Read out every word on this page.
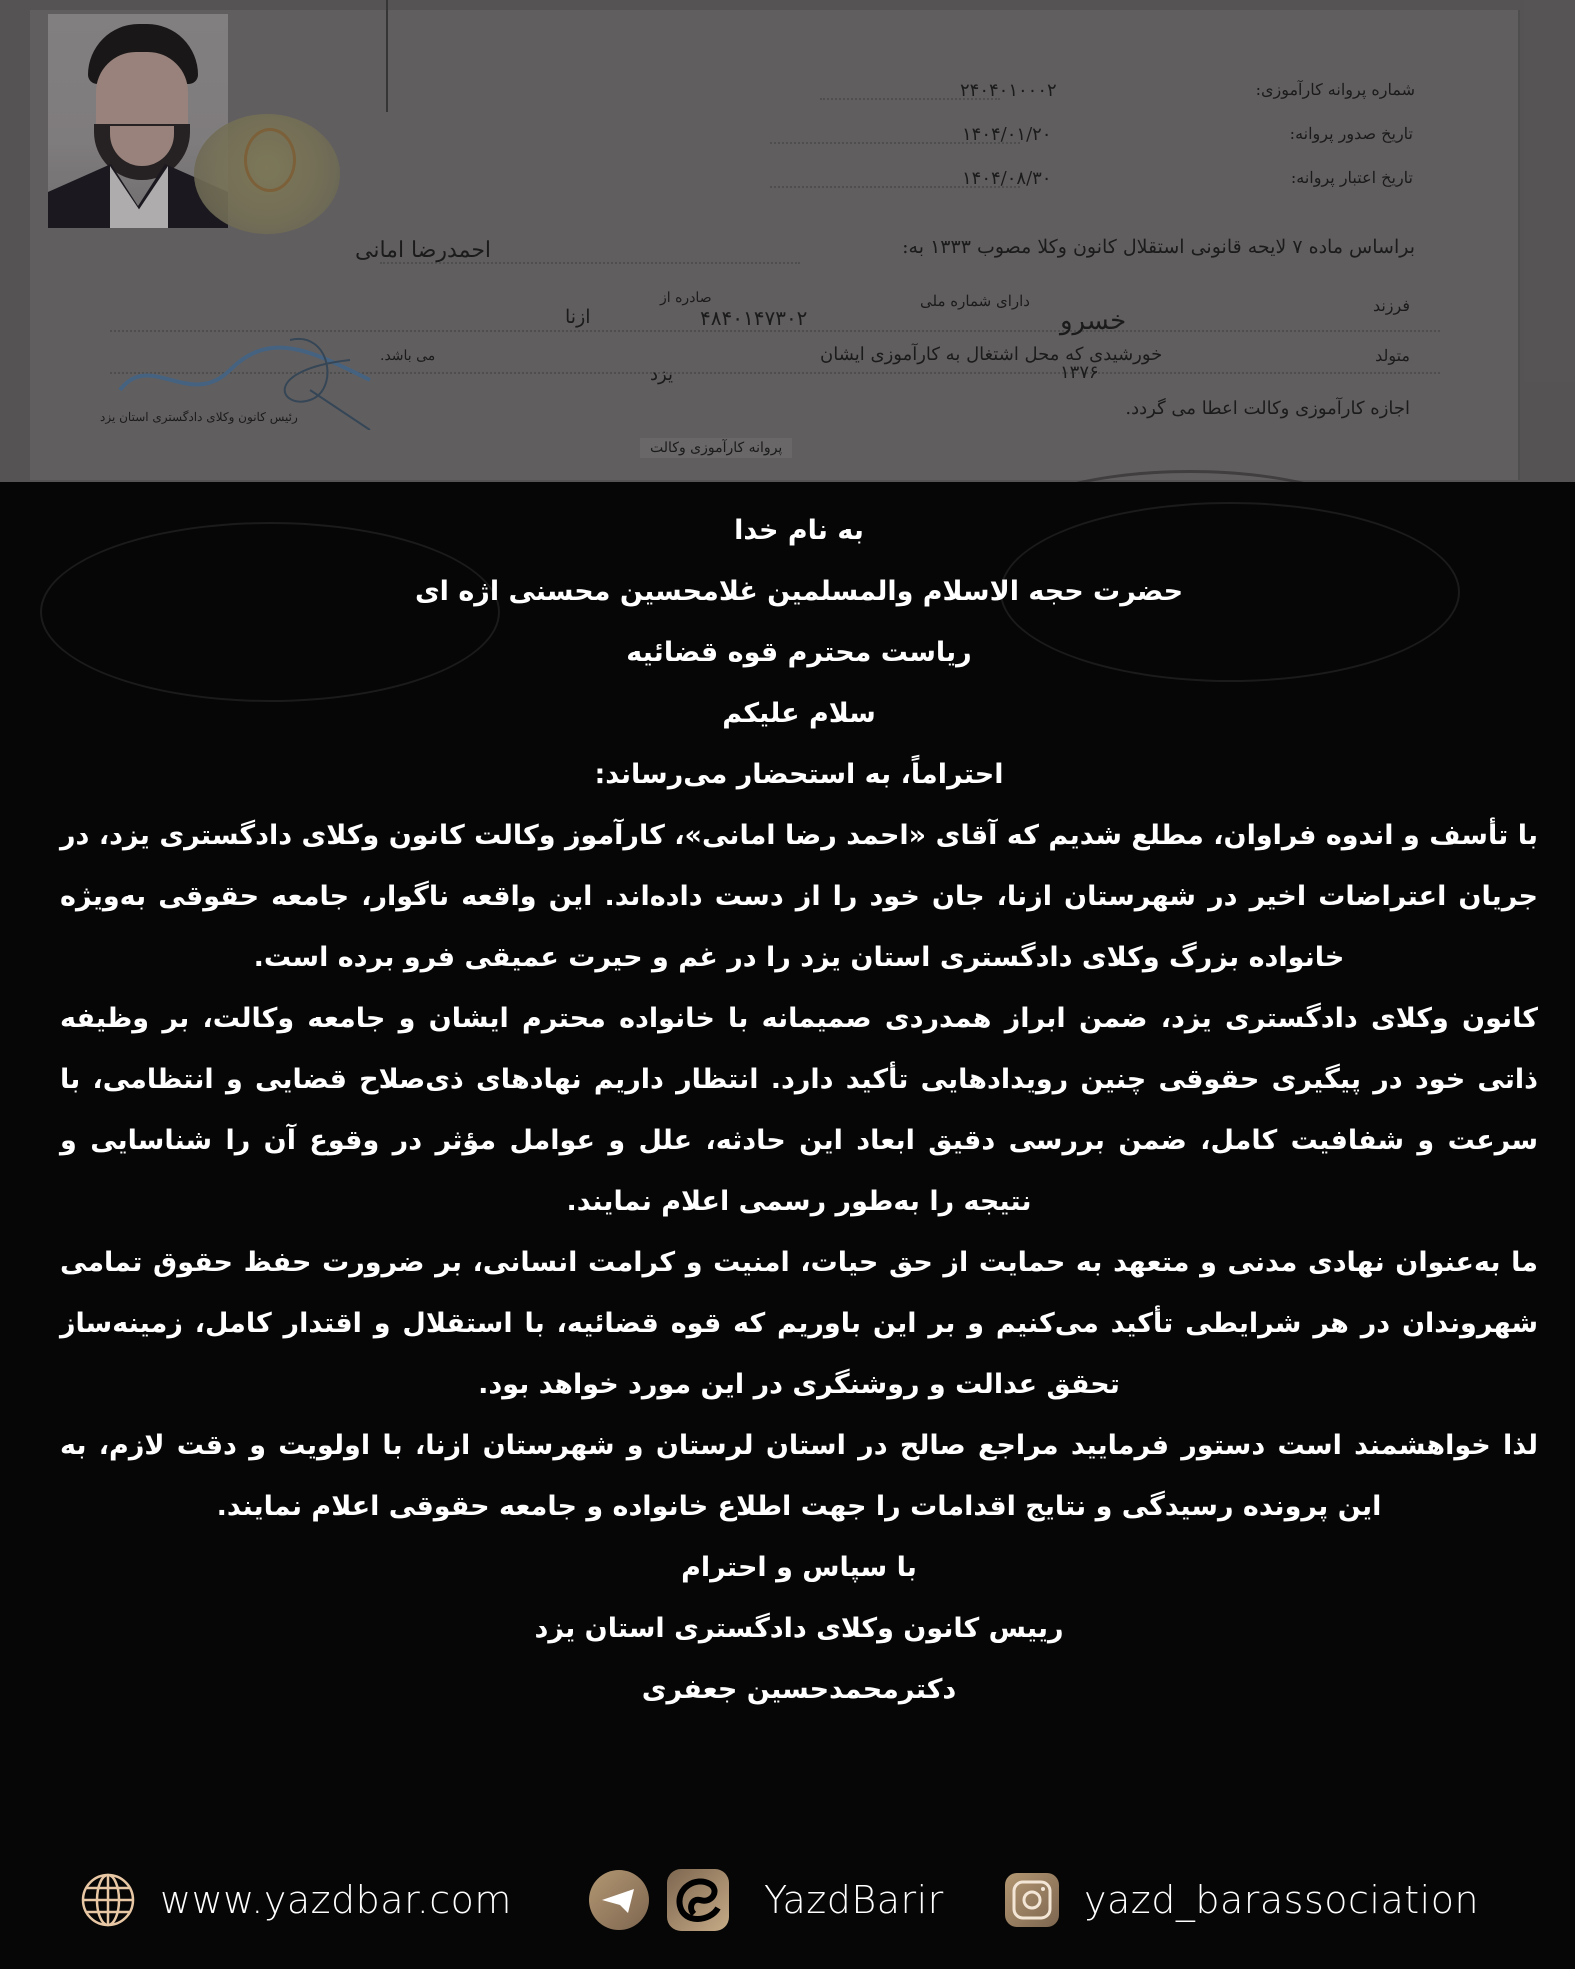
شماره پروانه کارآموزی:
۲۴۰۴۰۱۰۰۰۲
تاریخ صدور پروانه:
۱۴۰۴/۰۱/۲۰
تاریخ اعتبار پروانه:
۱۴۰۴/۰۸/۳۰
براساس ماده ۷ لایحه قانونی استقلال کانون وکلا مصوب ۱۳۳۳ به:
احمدرضا امانی
فرزند
دارای شماره ملی
صادره از
خسرو
۴۸۴۰۱۴۷۳۰۲
ازنا
متولد
خورشیدی که محل اشتغال به کارآموزی ایشان
۱۳۷۶
یزد
می باشد.
اجازه کارآموزی وکالت اعطا می گردد.
رئیس کانون وکلای دادگستری استان یزد
پروانه کارآموزی وکالت
به نام خدا
حضرت حجه الاسلام والمسلمین غلامحسین محسنی اژه ای
ریاست محترم قوه قضائیه
سلام علیکم
احتراماً، به استحضار می‌رساند:
با تأسف و اندوه فراوان، مطلع شدیم که آقای «احمد رضا امانی»، کارآموز وکالت کانون وکلای دادگستری یزد، در جریان اعتراضات اخیر در شهرستان ازنا، جان خود را از دست داده‌اند. این واقعه ناگوار، جامعه حقوقی به‌ویژه خانواده بزرگ وکلای دادگستری استان یزد را در غم و حیرت عمیقی فرو برده است.
کانون وکلای دادگستری یزد، ضمن ابراز همدردی صمیمانه با خانواده محترم ایشان و جامعه وکالت، بر وظیفه ذاتی خود در پیگیری حقوقی چنین رویدادهایی تأکید دارد. انتظار داریم نهادهای ذی‌صلاح قضایی و انتظامی، با سرعت و شفافیت کامل، ضمن بررسی دقیق ابعاد این حادثه، علل و عوامل مؤثر در وقوع آن را شناسایی و نتیجه را به‌طور رسمی اعلام نمایند.
ما به‌عنوان نهادی مدنی و متعهد به حمایت از حق حیات، امنیت و کرامت انسانی، بر ضرورت حفظ حقوق تمامی شهروندان در هر شرایطی تأکید می‌کنیم و بر این باوریم که قوه قضائیه، با استقلال و اقتدار کامل، زمینه‌ساز تحقق عدالت و روشنگری در این مورد خواهد بود.
لذا خواهشمند است دستور فرمایید مراجع صالح در استان لرستان و شهرستان ازنا، با اولویت و دقت لازم، به این پرونده رسیدگی و نتایج اقدامات را جهت اطلاع خانواده و جامعه حقوقی اعلام نمایند.
با سپاس و احترام
رییس کانون وکلای دادگستری استان یزد
دکترمحمدحسین جعفری
www.yazdbar.com	YazdBarir	yazd_barassociation
